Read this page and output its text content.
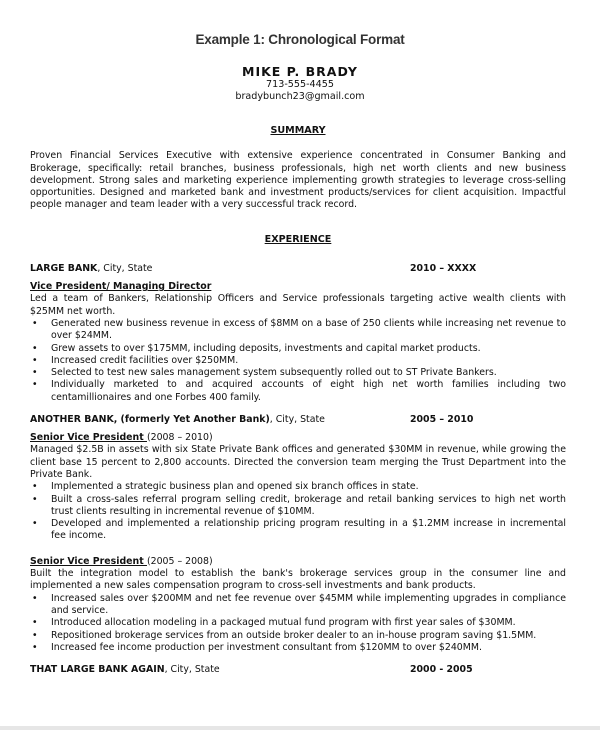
Example 1: Chronological Format
MIKE P. BRADY
713-555-4455
bradybunch23@gmail.com
SUMMARY

Proven Financial Services Executive with extensive experience concentrated in Consumer Banking and Brokerage, specifically: retail branches, business professionals, high net worth clients and new business development. Strong sales and marketing experience implementing growth strategies to leverage cross-selling opportunities. Designed and marketed bank and investment products/services for client acquisition. Impactful people manager and team leader with a very successful track record.

EXPERIENCE
LARGE BANK, City, State	2010 – XXXX
Vice President/ Managing Director

Led a team of Bankers, Relationship Officers and Service professionals targeting active wealth clients with $25MM net worth.

• Generated new business revenue in excess of $8MM on a base of 250 clients while increasing net revenue to over $24MM.
• Grew assets to over $175MM, including deposits, investments and capital market products.
• Increased credit facilities over $250MM.
• Selected to test new sales management system subsequently rolled out to ST Private Bankers.
• Individually marketed to and acquired accounts of eight high net worth families including two centamillionaires and one Forbes 400 family.
ANOTHER BANK, (formerly Yet Another Bank), City, State	2005 – 2010
Senior Vice President (2008 – 2010)

Managed $2.5B in assets with six State Private Bank offices and generated $30MM in revenue, while growing the client base 15 percent to 2,800 accounts. Directed the conversion team merging the Trust Department into the Private Bank.

• Implemented a strategic business plan and opened six branch offices in state.
• Built a cross-sales referral program selling credit, brokerage and retail banking services to high net worth trust clients resulting in incremental revenue of $10MM.
• Developed and implemented a relationship pricing program resulting in a $1.2MM increase in incremental fee income.
Senior Vice President (2005 – 2008)

Built the integration model to establish the bank's brokerage services group in the consumer line and implemented a new sales compensation program to cross-sell investments and bank products.

• Increased sales over $200MM and net fee revenue over $45MM while implementing upgrades in compliance and service.
• Introduced allocation modeling in a packaged mutual fund program with first year sales of $30MM.
• Repositioned brokerage services from an outside broker dealer to an in-house program saving $1.5MM.
• Increased fee income production per investment consultant from $120MM to over $240MM.
THAT LARGE BANK AGAIN, City, State	2000 - 2005
